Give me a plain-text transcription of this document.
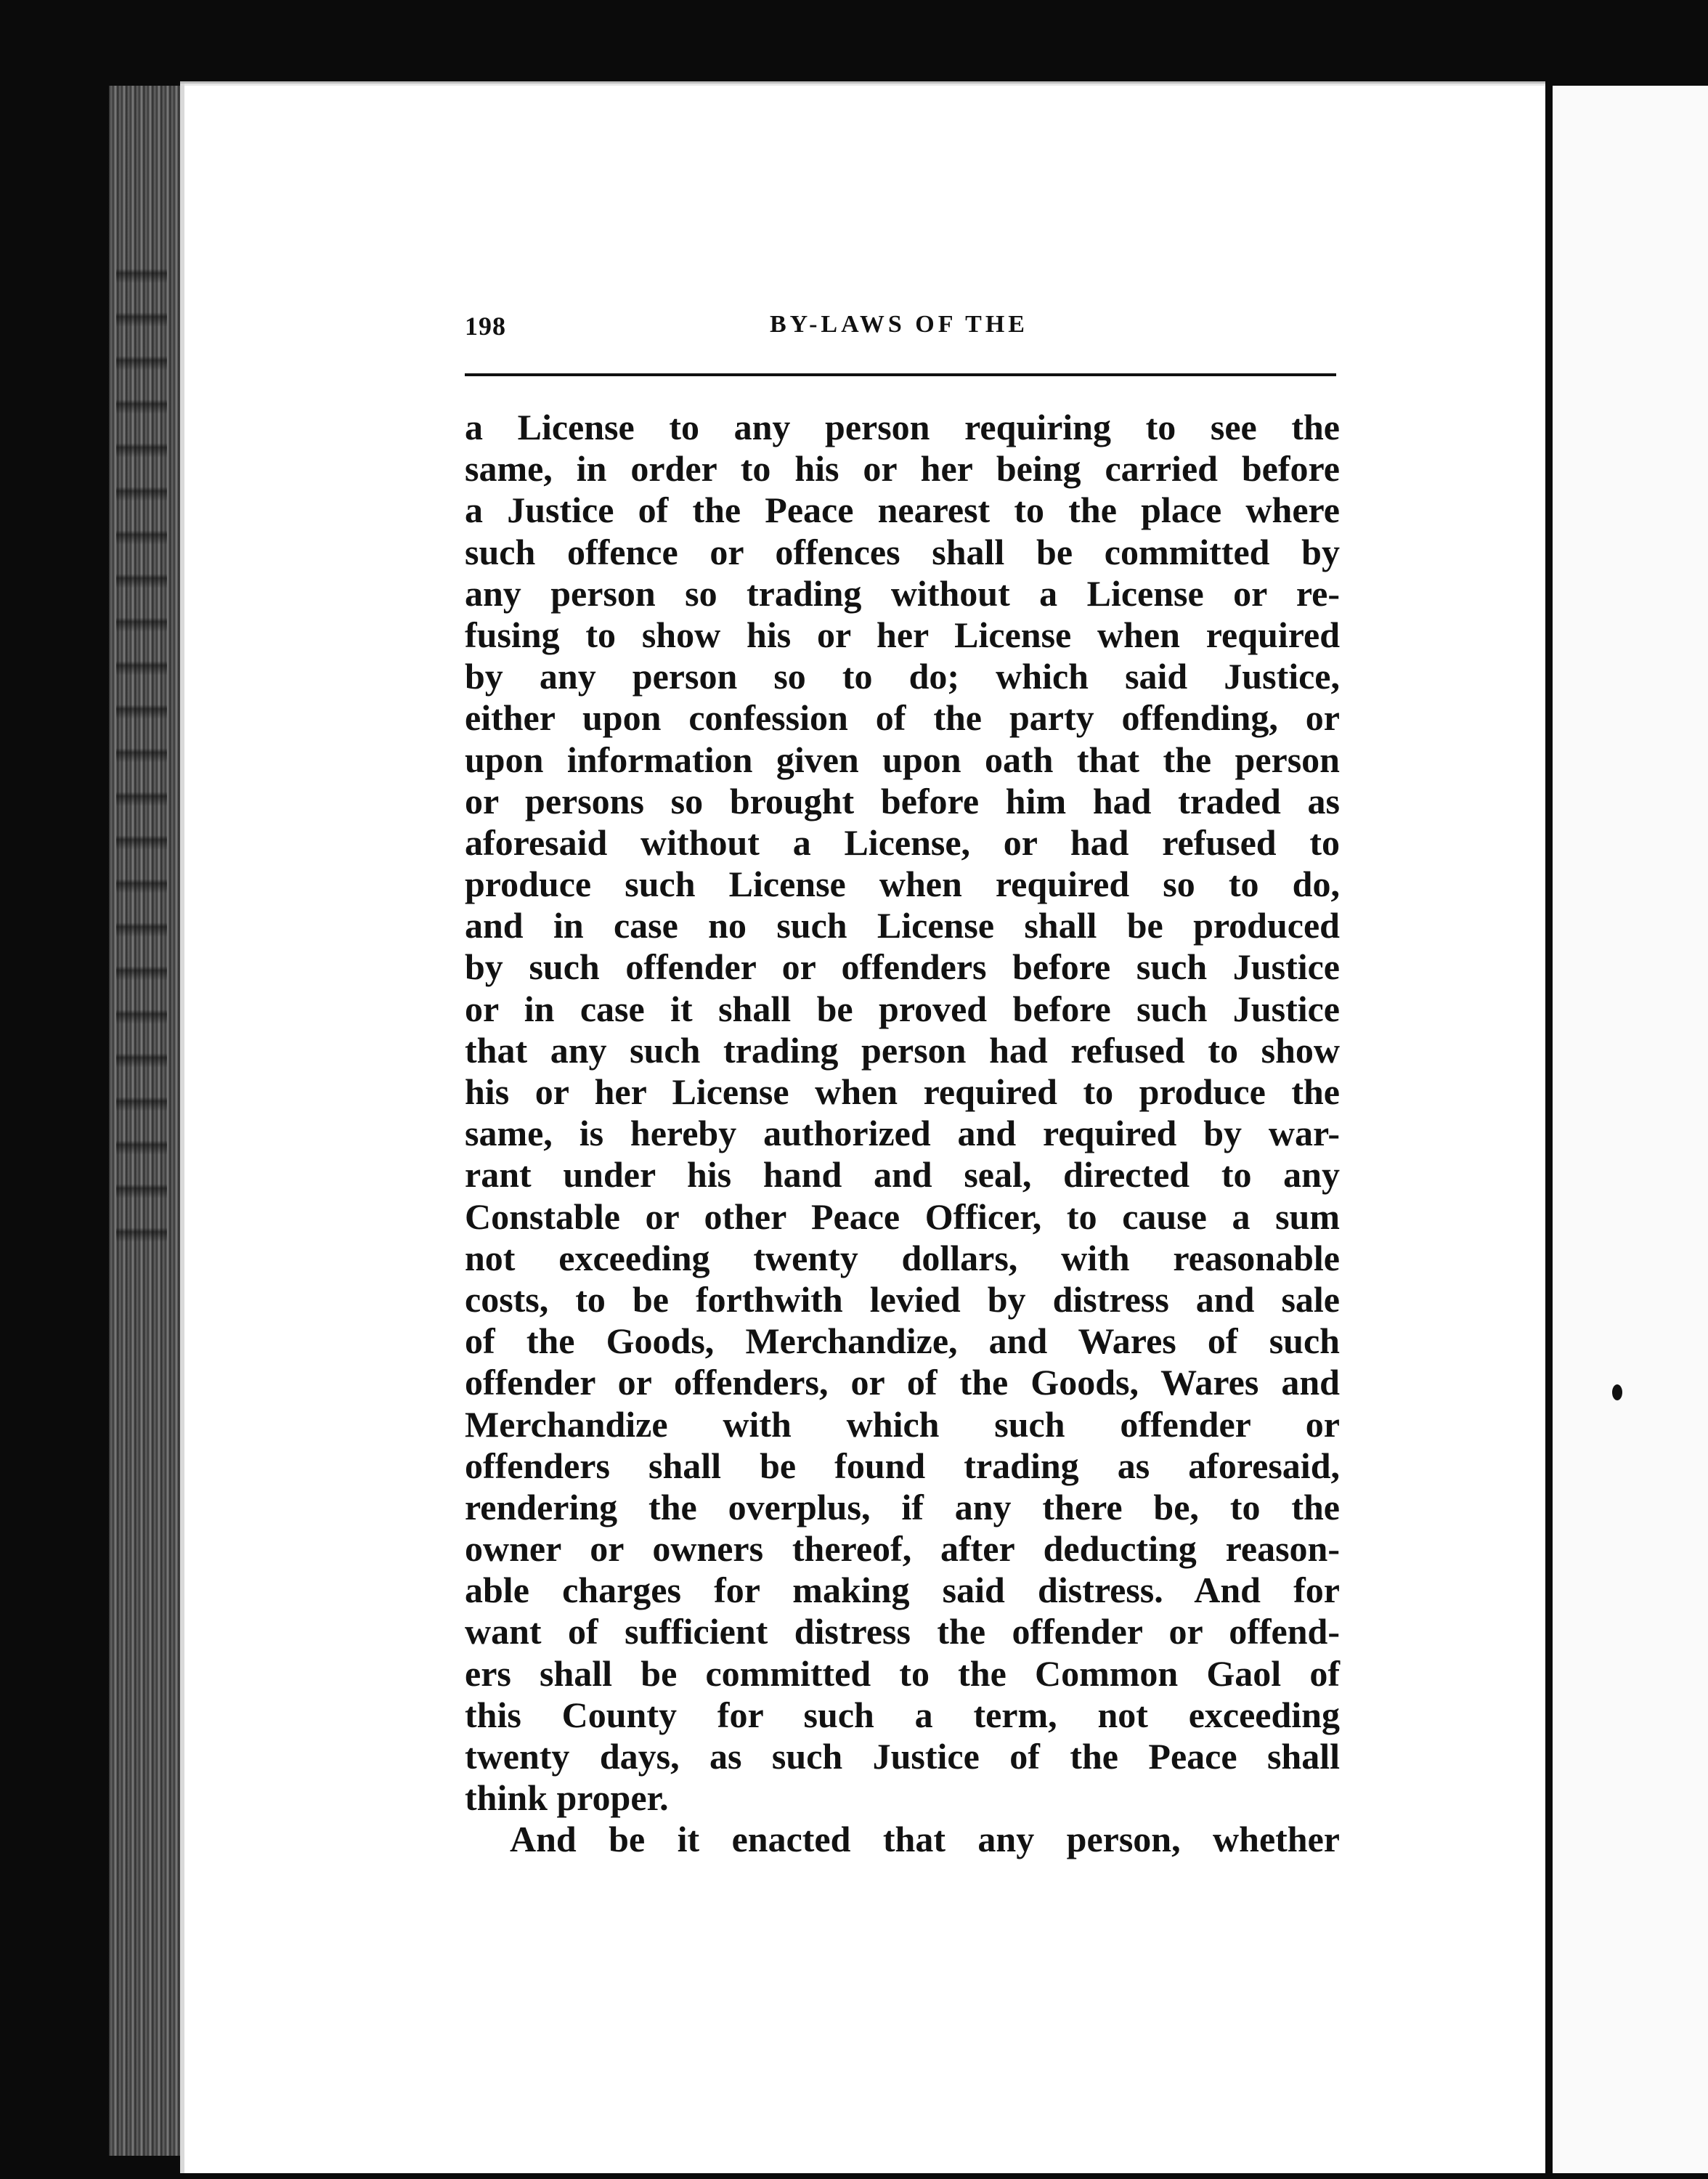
198	BY-LAWS OF THE
a License to any person requiring to see the
same, in order to his or her being carried before
a Justice of the Peace nearest to the place where
such offence or offences shall be committed by
any person so trading without a License or re-
fusing to show his or her License when required
by any person so to do; which said Justice,
either upon confession of the party offending, or
upon information given upon oath that the person
or persons so brought before him had traded as
aforesaid without a License, or had refused to
produce such License when required so to do,
and in case no such License shall be produced
by such offender or offenders before such Justice
or in case it shall be proved before such Justice
that any such trading person had refused to show
his or her License when required to produce the
same, is hereby authorized and required by war-
rant under his hand and seal, directed to any
Constable or other Peace Officer, to cause a sum
not exceeding twenty dollars, with reasonable
costs, to be forthwith levied by distress and sale
of the Goods, Merchandize, and Wares of such
offender or offenders, or of the Goods, Wares and
Merchandize with which such offender or
offenders shall be found trading as aforesaid,
rendering the overplus, if any there be, to the
owner or owners thereof, after deducting reason-
able charges for making said distress. And for
want of sufficient distress the offender or offend-
ers shall be committed to the Common Gaol of
this County for such a term, not exceeding
twenty days, as such Justice of the Peace shall
think proper.
And be it enacted that any person, whether
